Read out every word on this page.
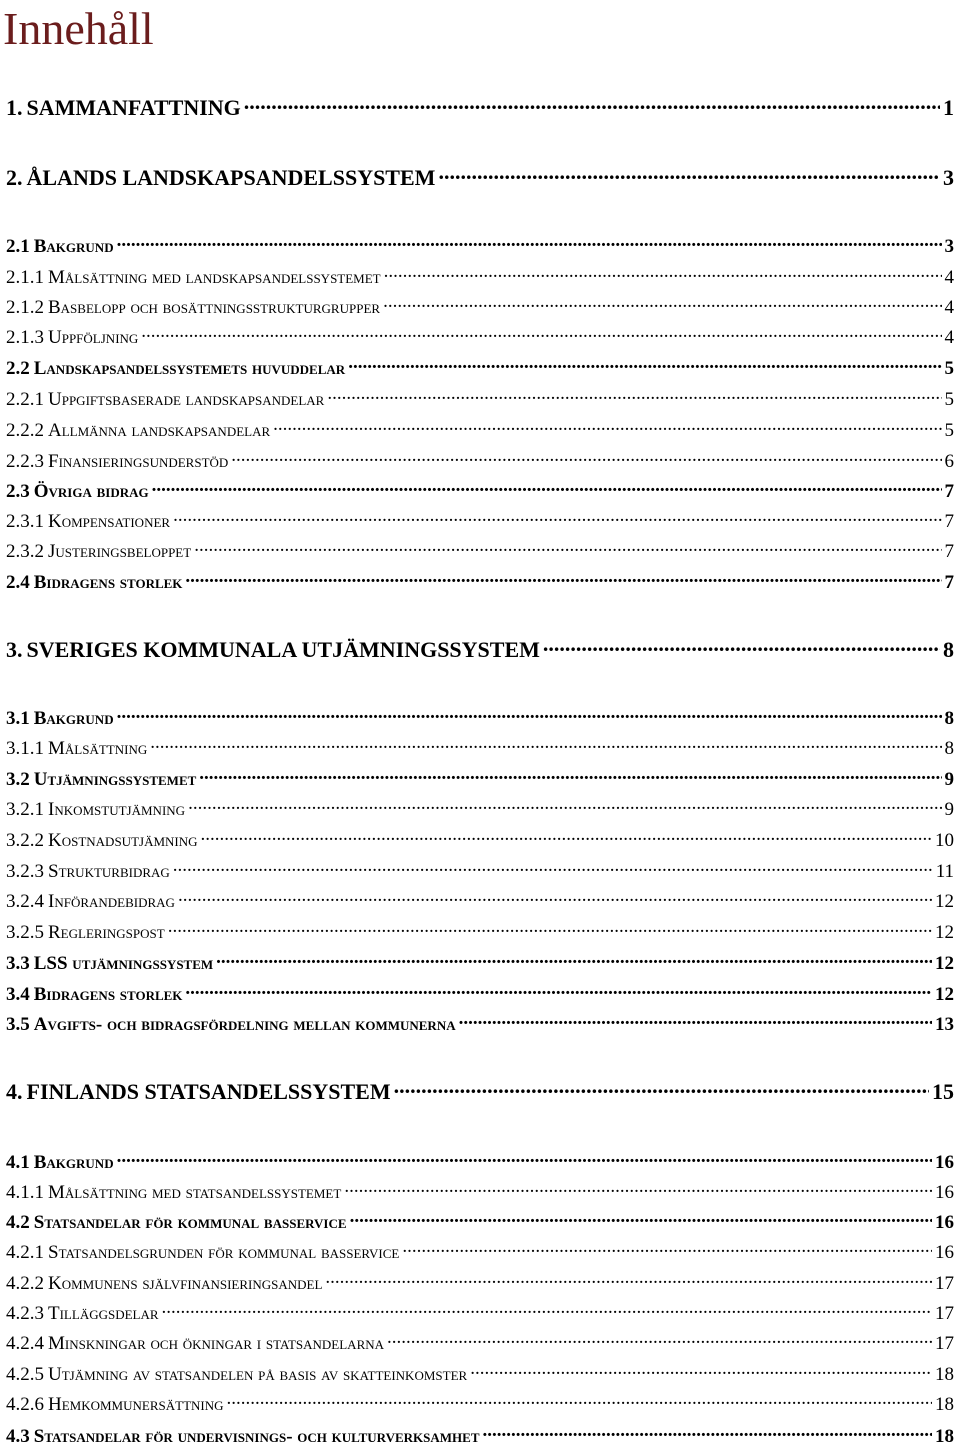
Innehåll
1. SAMMANFATTNING .....	1
2. ÅLANDS LANDSKAPSANDELSSYSTEM .....	3
2.1 Bakgrund .....	3
2.1.1 Målsättning med landskapsandelssystemet .....	4
2.1.2 Basbelopp och bosättningsstrukturgrupper .....	4
2.1.3 Uppföljning .....	4
2.2 Landskapsandelssystemets huvuddelar .....	5
2.2.1 Uppgiftsbaserade landskapsandelar .....	5
2.2.2 Allmänna landskapsandelar .....	5
2.2.3 Finansieringsunderstöd .....	6
2.3 Övriga bidrag .....	7
2.3.1 Kompensationer .....	7
2.3.2 Justeringsbeloppet .....	7
2.4 Bidragens storlek .....	7
3. SVERIGES KOMMUNALA UTJÄMNINGSSYSTEM .....	8
3.1 Bakgrund .....	8
3.1.1 Målsättning .....	8
3.2 Utjämningssystemet .....	9
3.2.1 Inkomstutjämning .....	9
3.2.2 Kostnadsutjämning .....	10
3.2.3 Strukturbidrag .....	11
3.2.4 Införandebidrag .....	12
3.2.5 Regleringspost .....	12
3.3 LSS utjämningssystem .....	12
3.4 Bidragens storlek .....	12
3.5 Avgifts- och bidragsfördelning mellan kommunerna .....	13
4. FINLANDS STATSANDELSSYSTEM .....	15
4.1 Bakgrund .....	16
4.1.1 Målsättning med statsandelssystemet .....	16
4.2 Statsandelar för kommunal basservice .....	16
4.2.1 Statsandelsgrunden för kommunal basservice .....	16
4.2.2 Kommunens självfinansieringsandel .....	17
4.2.3 Tilläggsdelar .....	17
4.2.4 Minskningar och ökningar i statsandelarna .....	17
4.2.5 Utjämning av statsandelen på basis av skatteinkomster .....	18
4.2.6 Hemkommunersättning .....	18
4.3 Statsandelar för undervisnings- och kulturverksamhet .....	18
